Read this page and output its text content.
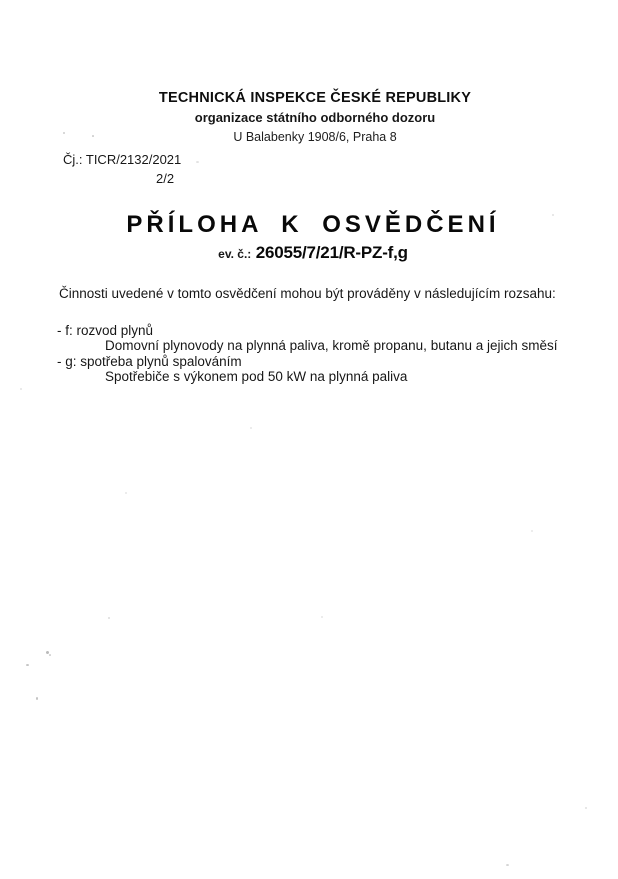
TECHNICKÁ INSPEKCE ČESKÉ REPUBLIKY
organizace státního odborného dozoru
U Balabenky 1908/6, Praha 8
Čj.: TICR/2132/2021
2/2
PŘÍLOHA K OSVĚDČENÍ
ev. č.: 26055/7/21/R-PZ-f,g

Činnosti uvedené v tomto osvědčení mohou být prováděny v následujícím rozsahu:

- f: rozvod plynů

Domovní plynovody na plynná paliva, kromě propanu, butanu a jejich směsí

- g: spotřeba plynů spalováním

Spotřebiče s výkonem pod 50 kW na plynná paliva
